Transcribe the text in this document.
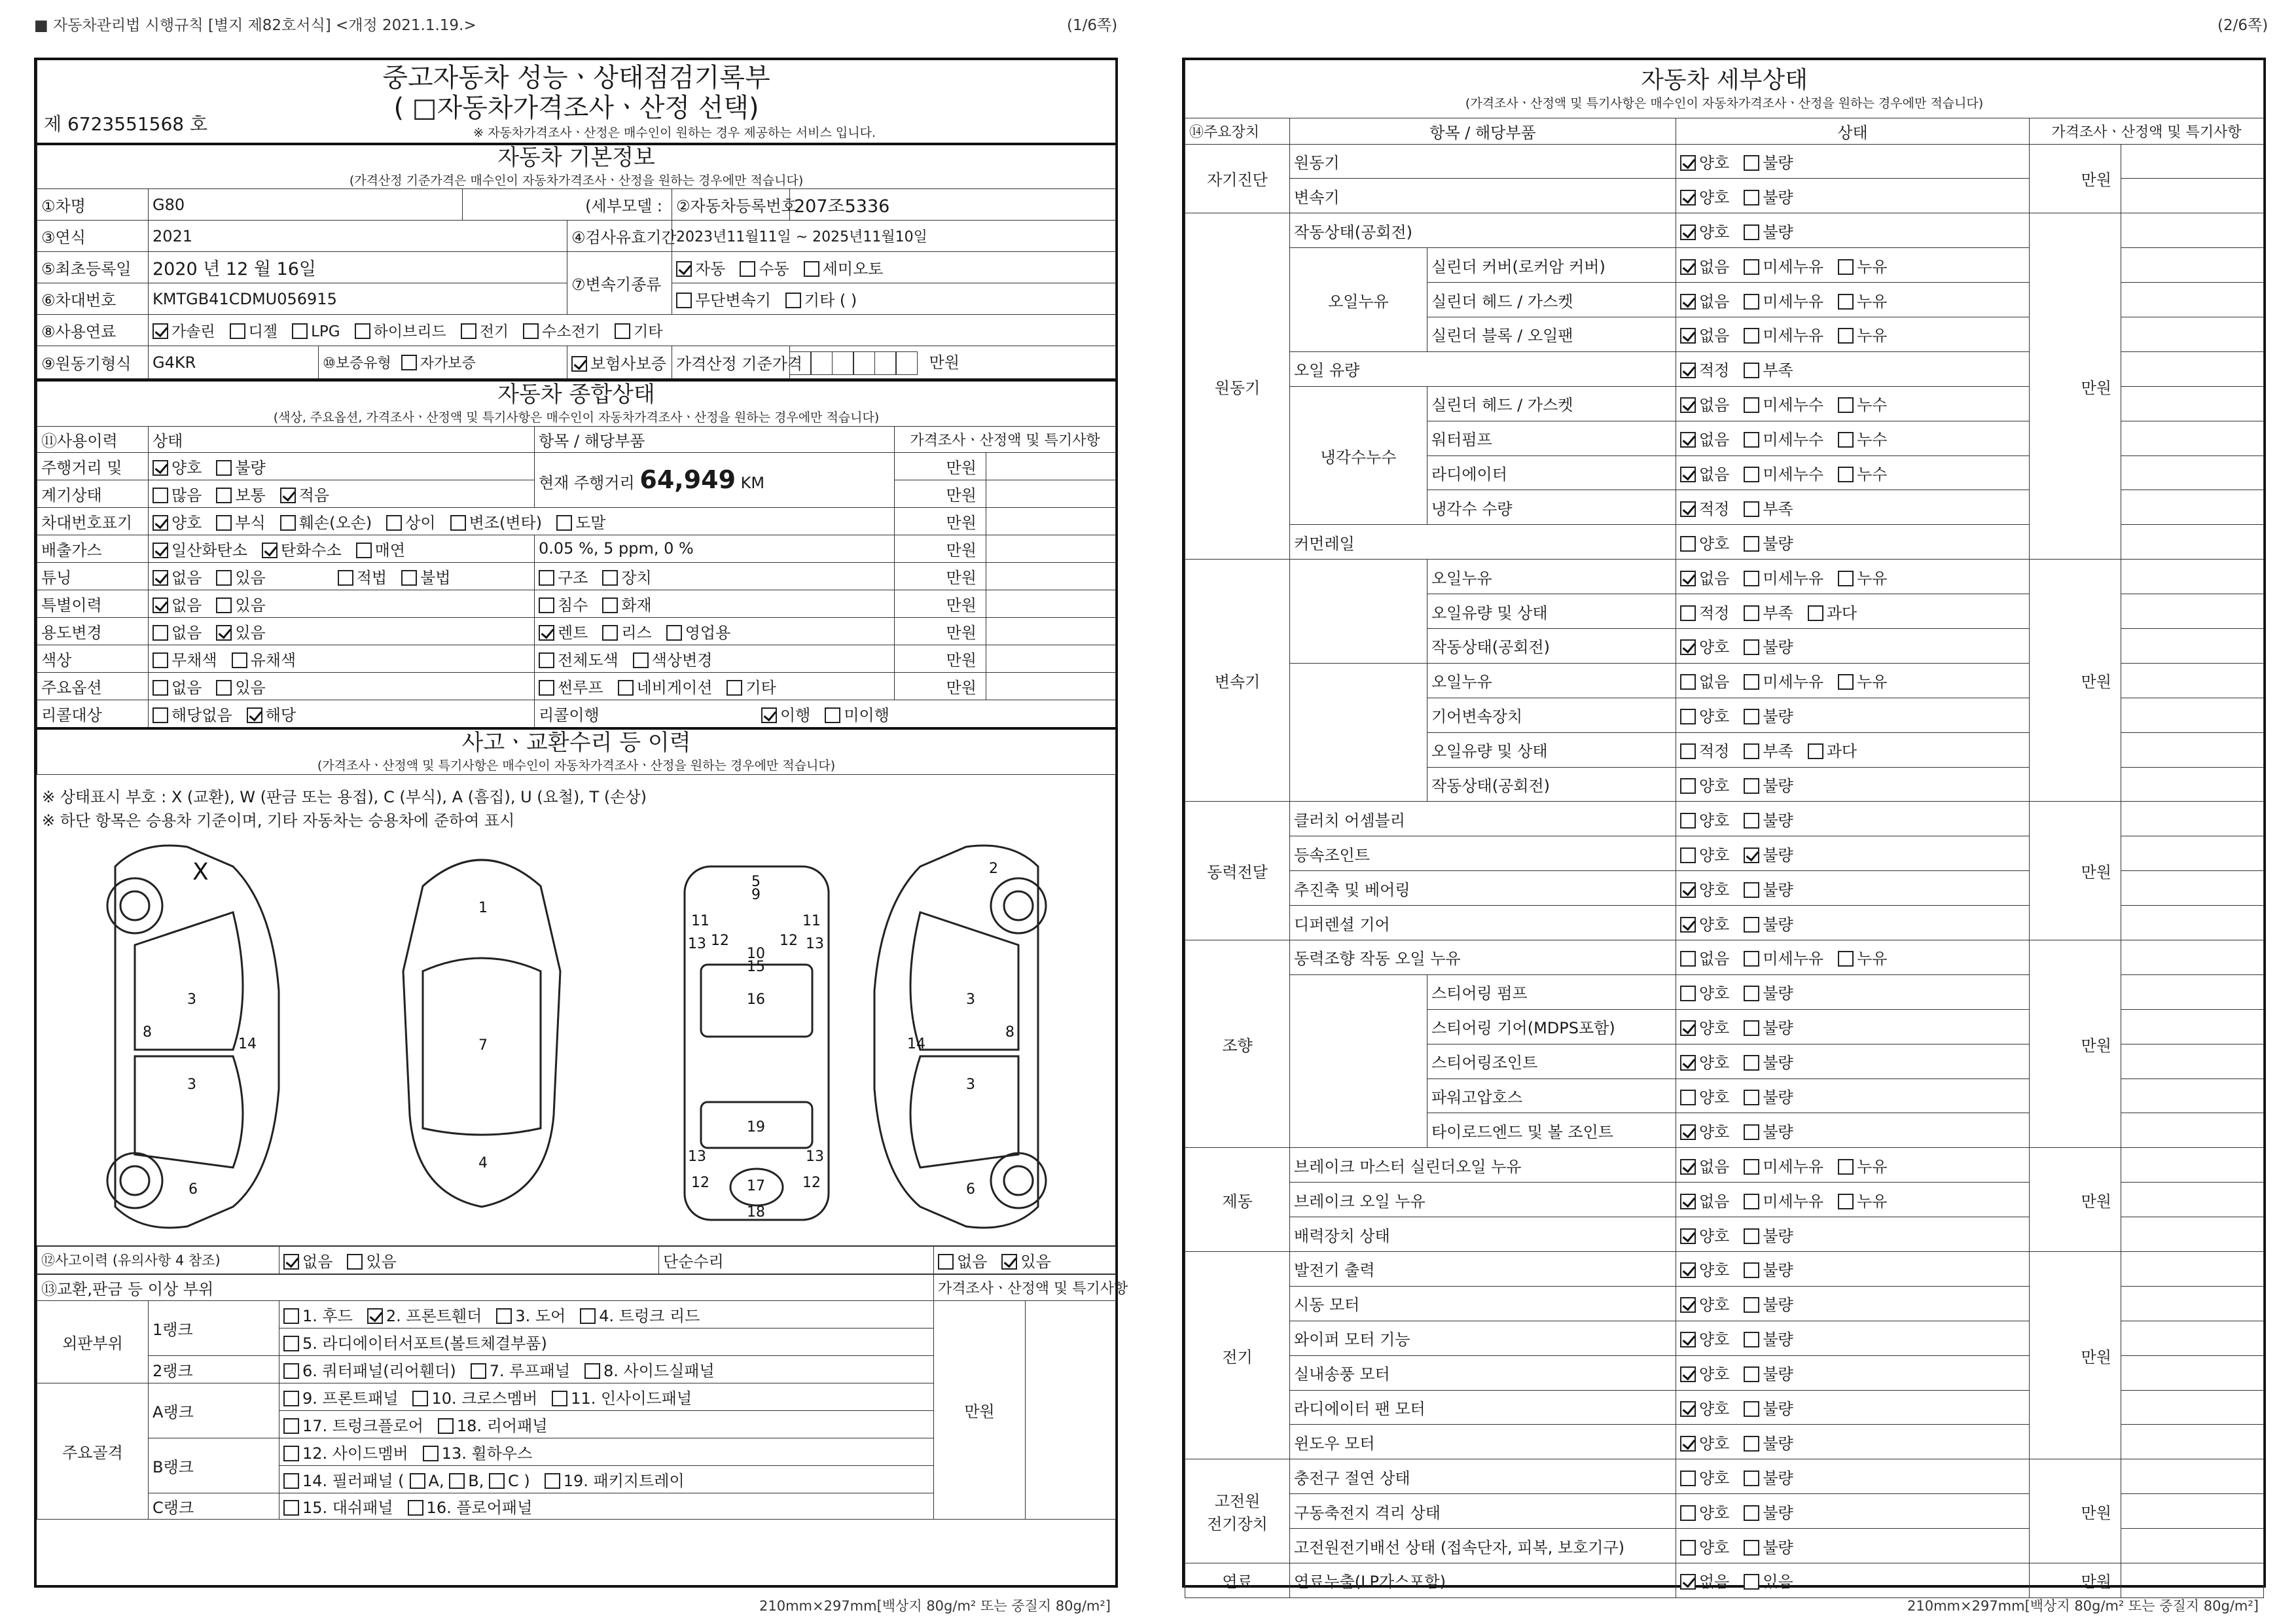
■ 자동차관리법 시행규칙 [별지 제82호서식] <개정 2021.1.19.>	(1/6쪽)
중고자동차 성능ㆍ상태점검기록부
( □자동차가격조사ㆍ산정 선택)
제 6723551568 호 ※ 자동차가격조사ㆍ산정은 매수인이 원하는 경우 제공하는 서비스 입니다.						

자동차 기본정보
(가격산정 기준가격은 매수인이 자동차가격조사ㆍ산정을 원하는 경우에만 적습니다)						

①차명	G80		(세부모델 :		②자동차등록번호	207조5336
③연식	2021			④검사유효기간	2023년11월11일 ~ 2025년11월10일	
⑤최초등록일	2020 년 12 월 16일			⑦변속기종류	자동 수동 세미오토	
⑥차대번호	KMTGB41CDMU056915				무단변속기 기타 ( )	
⑧사용연료	가솔린 디젤 LPG 하이브리드 전기 수소전기 기타					
⑨원동기형식	G4KR	⑩보증유형 자가보증		보험사보증	가격산정 기준가격	만원
자동차 종합상태
(색상, 주요옵션, 가격조사ㆍ산정액 및 특기사항은 매수인이 자동차가격조사ㆍ산정을 원하는 경우에만 적습니다)				

⑪사용이력	상태	항목 / 해당부품	가격조사ㆍ산정액 및 특기사항	
주행거리 및	양호 불량	현재 주행거리 64,949 KM	만원	
계기상태	많음 보통 적음		만원	
차대번호표기	양호 부식 훼손(오손) 상이 변조(변타) 도말		만원	
배출가스	일산화탄소 탄화수소 매연	0.05 %, 5 ppm, 0 %	만원	
튜닝	없음 있음 적법 불법	구조 장치	만원	
특별이력	없음 있음	침수 화재	만원	
용도변경	없음 있음	렌트 리스 영업용	만원	
색상	무채색 유채색	전체도색 색상변경	만원	
주요옵션	없음 있음	썬루프 네비게이션 기타	만원	
리콜대상	해당없음 해당	리콜이행 이행 미이행		

사고ㆍ교환수리 등 이력
(가격조사ㆍ산정액 및 특기사항은 매수인이 자동차가격조사ㆍ산정을 원하는 경우에만 적습니다)				
※ 상태표시 부호 : X (교환), W (판금 또는 용접), C (부식), A (흠집), U (요철), T (손상)
※ 하단 항목은 승용차 기준이며, 기타 자동차는 승용차에 준하여 표시
X
3
3
8
14
6
1
7
4
5
9
10
15
16
19
17
18
11	11
12	12
13	13
13	13
12	12
2
3
3
8
14
6
⑫사고이력 (유의사항 4 참조)	없음 있음	단순수리	없음 있음
⑬교환,판금 등 이상 부위			가격조사ㆍ산정액 및 특기사항	
외판부위	1랭크	1. 후드 2. 프론트휀더 3. 도어 4. 트렁크 리드	만원	
		5. 라디에이터서포트(볼트체결부품)		
	2랭크	6. 쿼터패널(리어휀더) 7. 루프패널 8. 사이드실패널		
주요골격	A랭크	9. 프론트패널 10. 크로스멤버 11. 인사이드패널		
		17. 트렁크플로어 18. 리어패널		
	B랭크	12. 사이드멤버 13. 휠하우스		
		14. 필러패널 ( A, B, C ) 19. 패키지트레이		
	C랭크	15. 대쉬패널 16. 플로어패널		
210mm×297mm[백상지 80g/m² 또는 중질지 80g/m²]
(2/6쪽)
자동차 세부상태
(가격조사ㆍ산정액 및 특기사항은 매수인이 자동차가격조사ㆍ산정을 원하는 경우에만 적습니다)					

⑭주요장치	항목 / 해당부품		상태	가격조사ㆍ산정액 및 특기사항	
자기진단	원동기		양호 불량	만원	
	변속기		양호 불량		
원동기	작동상태(공회전)		양호 불량	만원	
	오일누유	실린더 커버(로커암 커버)	없음 미세누유 누유		
		실린더 헤드 / 가스켓	없음 미세누유 누유		
		실린더 블록 / 오일팬	없음 미세누유 누유		
	오일 유량		적정 부족		
	냉각수누수	실린더 헤드 / 가스켓	없음 미세누수 누수		
		워터펌프	없음 미세누수 누수		
		라디에이터	없음 미세누수 누수		
		냉각수 수량	적정 부족		
	커먼레일		양호 불량		
변속기		오일누유	없음 미세누유 누유	만원	
		오일유량 및 상태	적정 부족 과다		
		작동상태(공회전)	양호 불량		
		오일누유	없음 미세누유 누유		
		기어변속장치	양호 불량		
		오일유량 및 상태	적정 부족 과다		
		작동상태(공회전)	양호 불량		
동력전달	클러치 어셈블리		양호 불량	만원	
	등속조인트		양호 불량		
	추진축 및 베어링		양호 불량		
	디퍼렌셜 기어		양호 불량		
조향	동력조향 작동 오일 누유		없음 미세누유 누유	만원	
		스티어링 펌프	양호 불량		
		스티어링 기어(MDPS포함)	양호 불량		
		스티어링조인트	양호 불량		
		파워고압호스	양호 불량		
		타이로드엔드 및 볼 조인트	양호 불량		
제동	브레이크 마스터 실린더오일 누유		없음 미세누유 누유	만원	
	브레이크 오일 누유		없음 미세누유 누유		
	배력장치 상태		양호 불량		
전기	발전기 출력		양호 불량	만원	
	시동 모터		양호 불량		
	와이퍼 모터 기능		양호 불량		
	실내송풍 모터		양호 불량		
	라디에이터 팬 모터		양호 불량		
	윈도우 모터		양호 불량		
고전원
전기장치	충전구 절연 상태		양호 불량	만원	
	구동축전지 격리 상태		양호 불량		
	고전원전기배선 상태 (접속단자, 피복, 보호기구)		양호 불량		
연료	연료누출(LP가스포함)		없음 있음	만원	
210mm×297mm[백상지 80g/m² 또는 중질지 80g/m²]
